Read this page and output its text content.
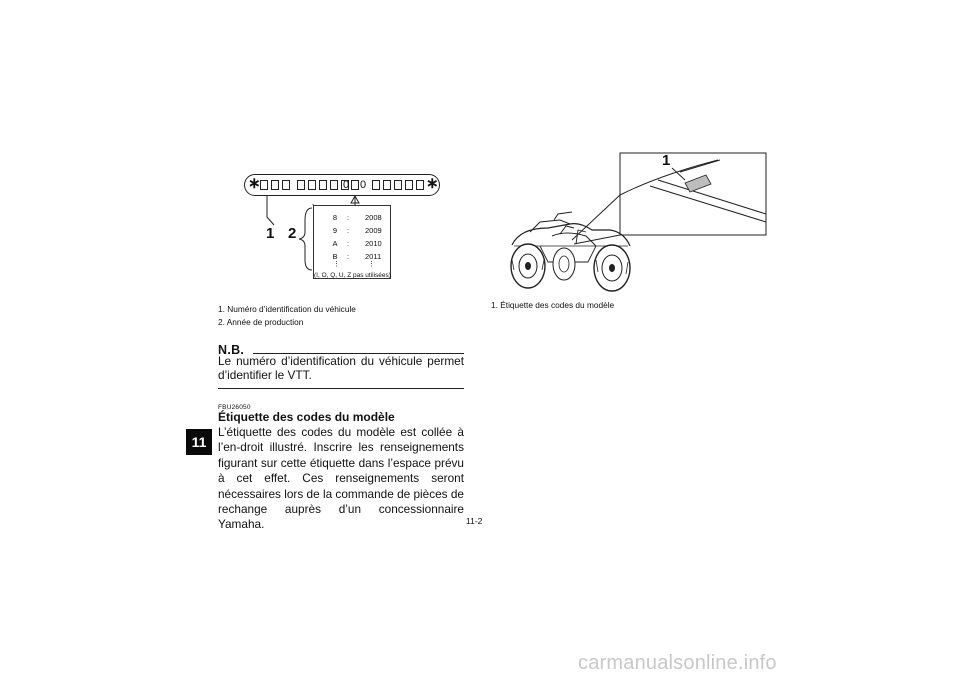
∗	0 0	∗
1 2
8 : 2008
9 : 2009
A : 2010
B : 2011
⋮	⋮
(I, O, Q, U, Z pas utilisées)
1. Numéro d’identification du véhicule
2. Année de production
1
1. Étiquette des codes du modèle
N.B.
Le numéro d’identification du véhicule permet d’identifier le VTT.
FBU26050
Étiquette des codes du modèle
L’étiquette des codes du modèle est collée à l’en-droit illustré. Inscrire les renseignements figurant sur cette étiquette dans l’espace prévu à cet effet. Ces renseignements seront nécessaires lors de la commande de pièces de rechange auprès d’un concessionnaire Yamaha.
11
11-2
carmanualsonline.info
